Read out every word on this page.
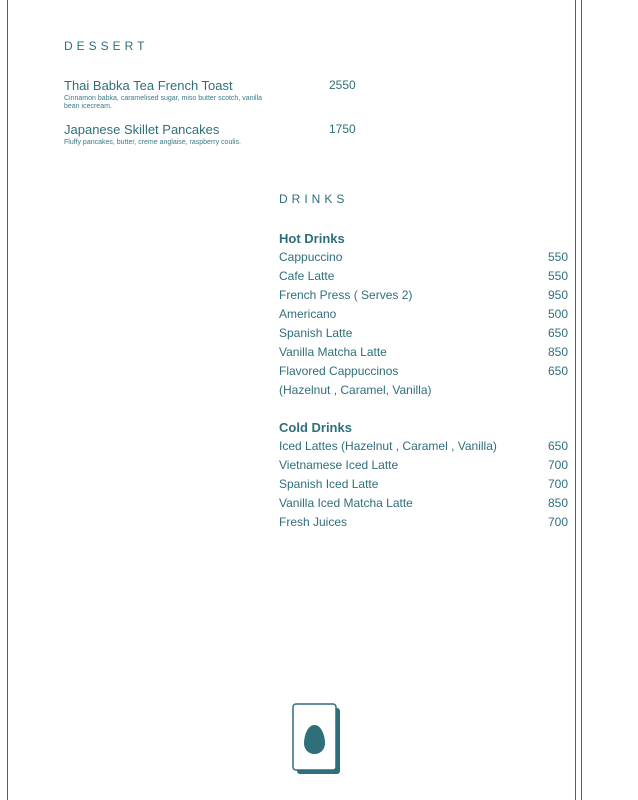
DESSERT
Thai Babka Tea French Toast
Cinnamon babka, caramelised sugar, miso butter scotch, vanilla bean icecream.
2550
Japanese Skillet Pancakes
Fluffy pancakes, butter, creme anglaise, raspberry coulis.
1750
DRINKS
Hot Drinks
Cappuccino	550
Cafe Latte	550
French Press ( Serves 2)	950
Americano	500
Spanish Latte	650
Vanilla Matcha Latte	850
Flavored Cappuccinos	650
(Hazelnut , Caramel, Vanilla)
Cold Drinks
Iced Lattes (Hazelnut , Caramel , Vanilla)	650
Vietnamese Iced Latte	700
Spanish Iced Latte	700
Vanilla Iced Matcha Latte	850
Fresh Juices	700
